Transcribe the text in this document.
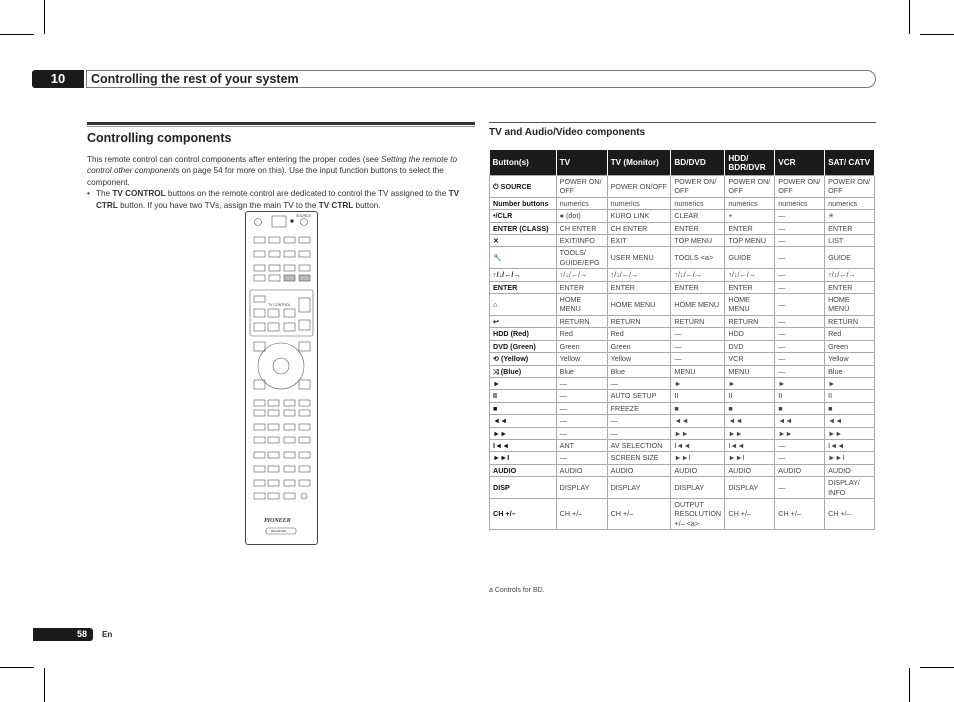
10	Controlling the rest of your system
Controlling components

This remote control can control components after entering the proper codes (see Setting the remote to control other components on page 54 for more on this). Use the input function buttons to select the component.

• The TV CONTROL buttons on the remote control are dedicated to control the TV assigned to the TV CTRL button. If you have two TVs, assign the main TV to the TV CTRL button.

SOURCE
TV CONTROL
RECEIVER
PIONEER
TV and Audio/Video components
Button(s)	TV	TV (Monitor)	BD/DVD	HDD/ BDR/DVR	VCR	SAT/ CATV
⏻ SOURCE	POWER ON/ OFF	POWER ON/OFF	POWER ON/ OFF	POWER ON/ OFF	POWER ON/ OFF	POWER ON/ OFF
Number buttons	numerics	numerics	numerics	numerics	numerics	numerics
•/CLR	● (dot)	KURO LINK	CLEAR	+	—	✳
ENTER (CLASS)	CH ENTER	CH ENTER	ENTER	ENTER	—	ENTER
✕	EXIT/INFO	EXIT	TOP MENU	TOP MENU	—	LIST
🔧	TOOLS/ GUIDE/EPG	USER MENU	TOOLS <a>	GUIDE	—	GUIDE
↑/↓/←/→	↑/↓/←/→	↑/↓/←/→	↑/↓/←/→	↑/↓/←/→	—	↑/↓/←/→
ENTER	ENTER	ENTER	ENTER	ENTER	—	ENTER
⌂	HOME MENU	HOME MENU	HOME MENU	HOME MENU	—	HOME MENU
↩	RETURN	RETURN	RETURN	RETURN	—	RETURN
HDD (Red)	Red	Red	—	HDD	—	Red
DVD (Green)	Green	Green	—	DVD	—	Green
⟲ (Yellow)	Yellow	Yellow	—	VCR	—	Yellow
⤨ (Blue)	Blue	Blue	MENU	MENU	—	Blue
►	—	—	►	►	►	►
II	—	AUTO SETUP	II	II	II	II
■	—	FREEZE	■	■	■	■
◄◄	—	—	◄◄	◄◄	◄◄	◄◄
►►	—	—	►►	►►	►►	►►
I◄◄	ANT	AV SELECTION	I◄◄	I◄◄	—	I◄◄
►►I	—	SCREEN SIZE	►►I	►►I	—	►►I
AUDIO	AUDIO	AUDIO	AUDIO	AUDIO	AUDIO	AUDIO
DISP	DISPLAY	DISPLAY	DISPLAY	DISPLAY	—	DISPLAY/ INFO
CH +/–	CH +/–	CH +/–	OUTPUT RESOLUTION +/– <a>	CH +/–	CH +/–	CH +/–
a Controls for BD.
58	En
